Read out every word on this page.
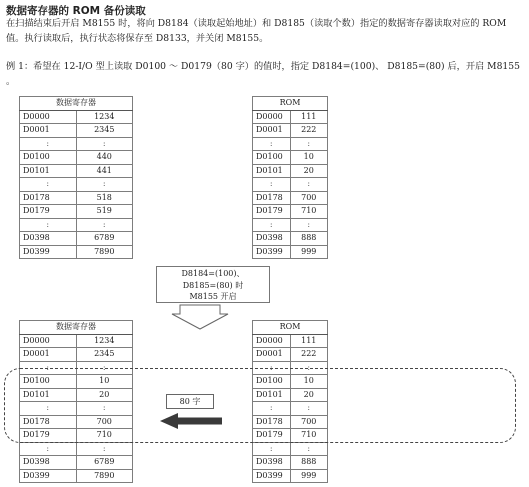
数据寄存器的 ROM 备份读取
在扫描结束后开启 M8155 时，将向 D8184（读取起始地址）和 D8185（读取个数）指定的数据寄存器读取对应的 ROM 值。执行读取后，执行状态将保存至 D8133，并关闭 M8155。
例 1：希望在 12-I/O 型上读取 D0100 ～ D0179（80 字）的值时，指定 D8184=(100)、 D8185=(80) 后，开启 M8155 。
数据寄存器	
D0000	1234
D0001	2345
:	:
D0100	440
D0101	441
:	:
D0178	518
D0179	519
:	:
D0398	6789
D0399	7890
ROM	
D0000	111
D0001	222
:	:
D0100	10
D0101	20
:	:
D0178	700
D0179	710
:	:
D0398	888
D0399	999
D8184=(100)、
D8185=(80) 时
M8155 开启
数据寄存器	
D0000	1234
D0001	2345
:	:
D0100	10
D0101	20
:	:
D0178	700
D0179	710
:	:
D0398	6789
D0399	7890
ROM	
D0000	111
D0001	222
:	:
D0100	10
D0101	20
:	:
D0178	700
D0179	710
:	:
D0398	888
D0399	999
80 字
